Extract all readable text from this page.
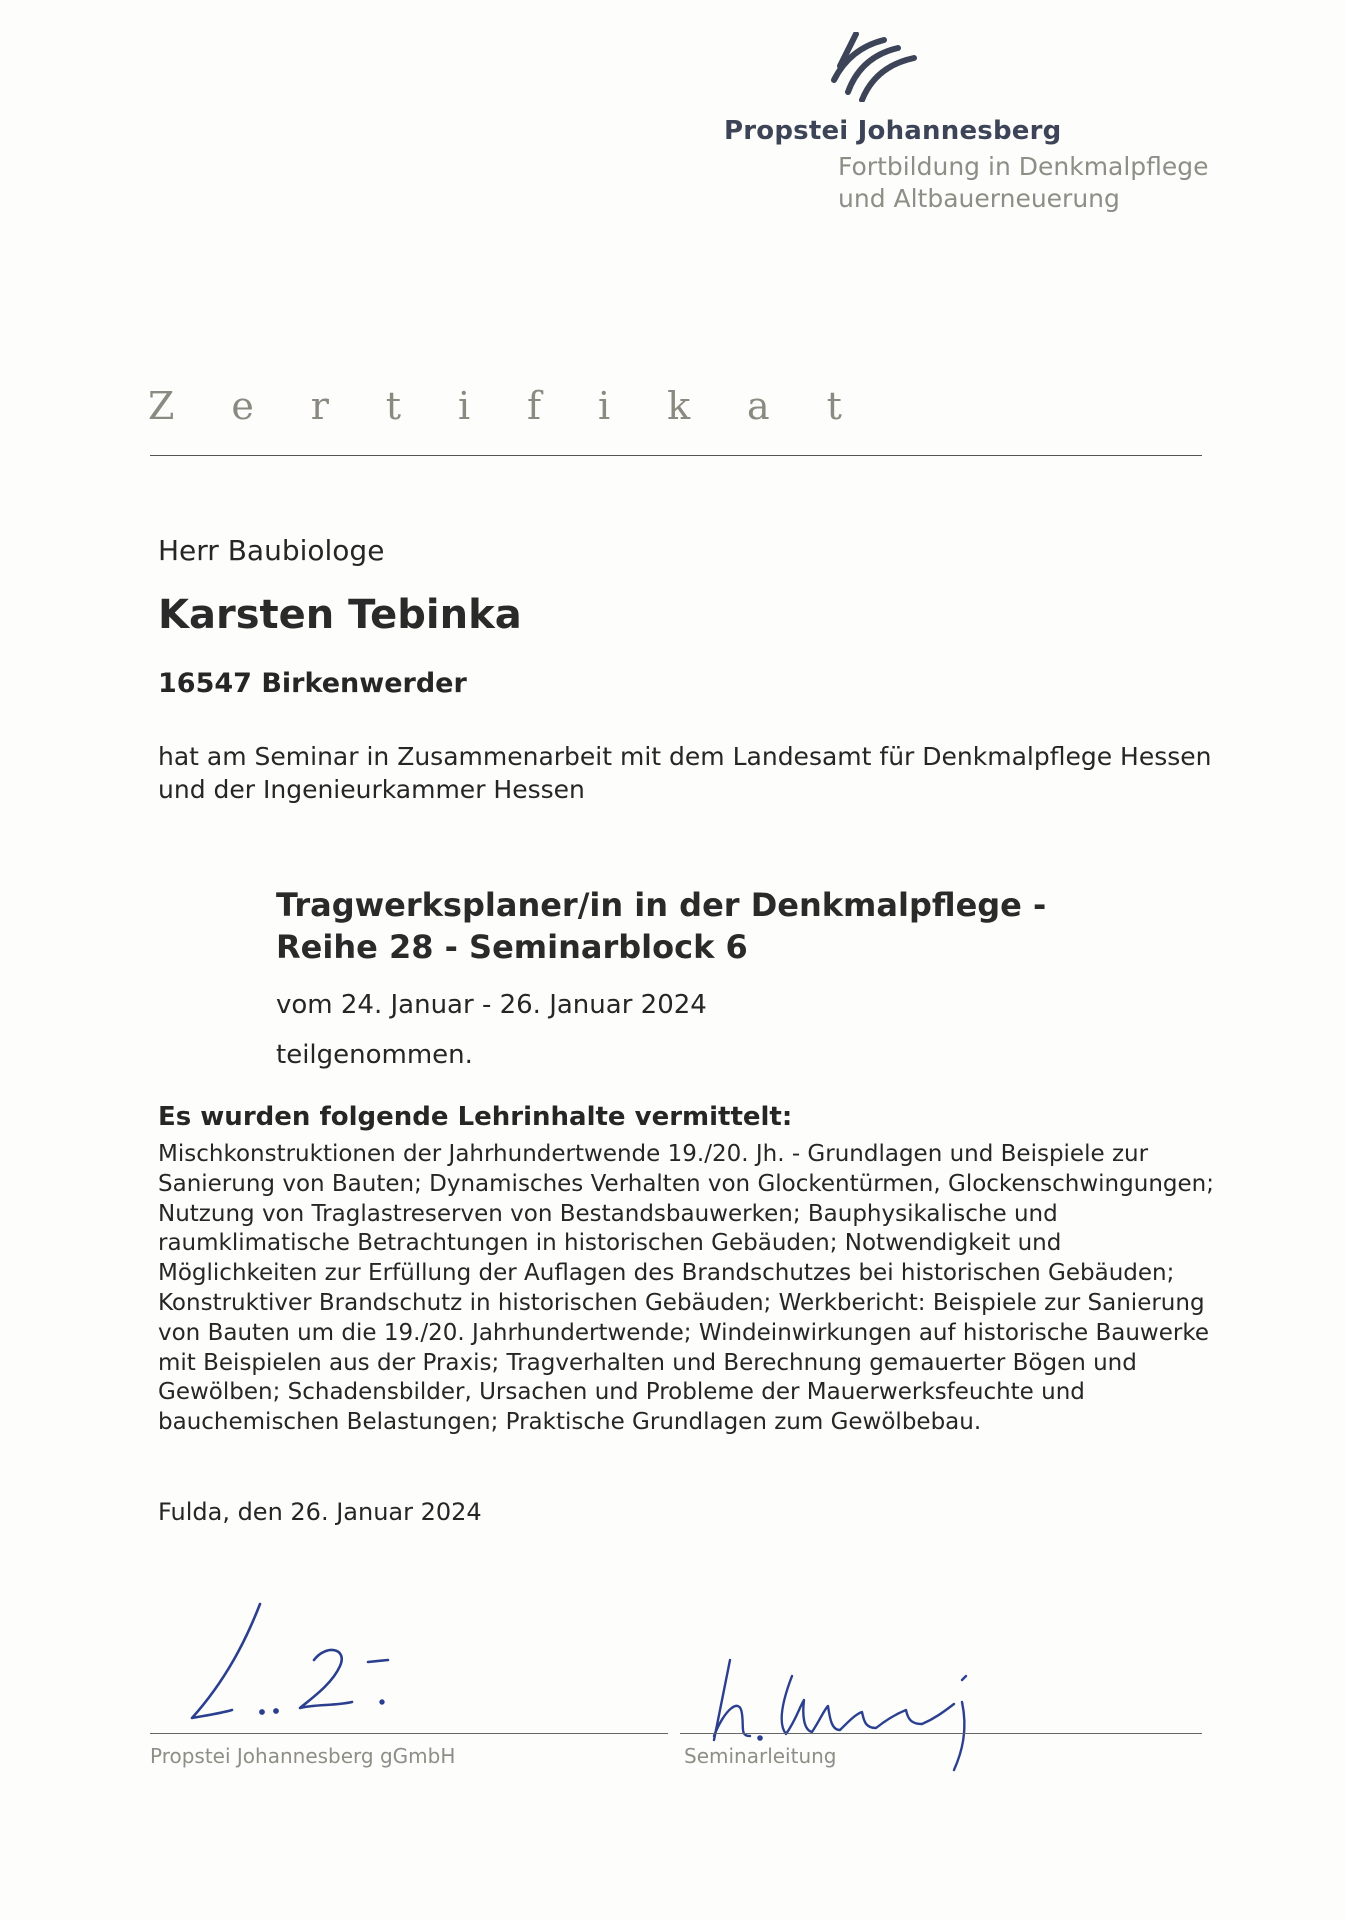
Propstei Johannesberg
Fortbildung in Denkmalpflege
und Altbauerneuerung
Z e r t i f i k a t
Herr Baubiologe
Karsten Tebinka
16547 Birkenwerder
hat am Seminar in Zusammenarbeit mit dem Landesamt für Denkmalpflege Hessen und der Ingenieurkammer Hessen
Tragwerksplaner/in in der Denkmalpflege -
Reihe 28 - Seminarblock 6
vom 24. Januar - 26. Januar 2024
teilgenommen.
Es wurden folgende Lehrinhalte vermittelt:
Mischkonstruktionen der Jahrhundertwende 19./20. Jh. - Grundlagen und Beispiele zur Sanierung von Bauten; Dynamisches Verhalten von Glockentürmen, Glockenschwingungen; Nutzung von Traglastreserven von Bestandsbauwerken; Bauphysikalische und raumklimatische Betrachtungen in historischen Gebäuden; Notwendigkeit und Möglichkeiten zur Erfüllung der Auflagen des Brandschutzes bei historischen Gebäuden; Konstruktiver Brandschutz in historischen Gebäuden; Werkbericht: Beispiele zur Sanierung von Bauten um die 19./20. Jahrhundertwende; Windeinwirkungen auf historische Bauwerke mit Beispielen aus der Praxis; Tragverhalten und Berechnung gemauerter Bögen und Gewölben; Schadensbilder, Ursachen und Probleme der Mauerwerksfeuchte und bauchemischen Belastungen; Praktische Grundlagen zum Gewölbebau.
Fulda, den 26. Januar 2024
Propstei Johannesberg gGmbH	Seminarleitung
